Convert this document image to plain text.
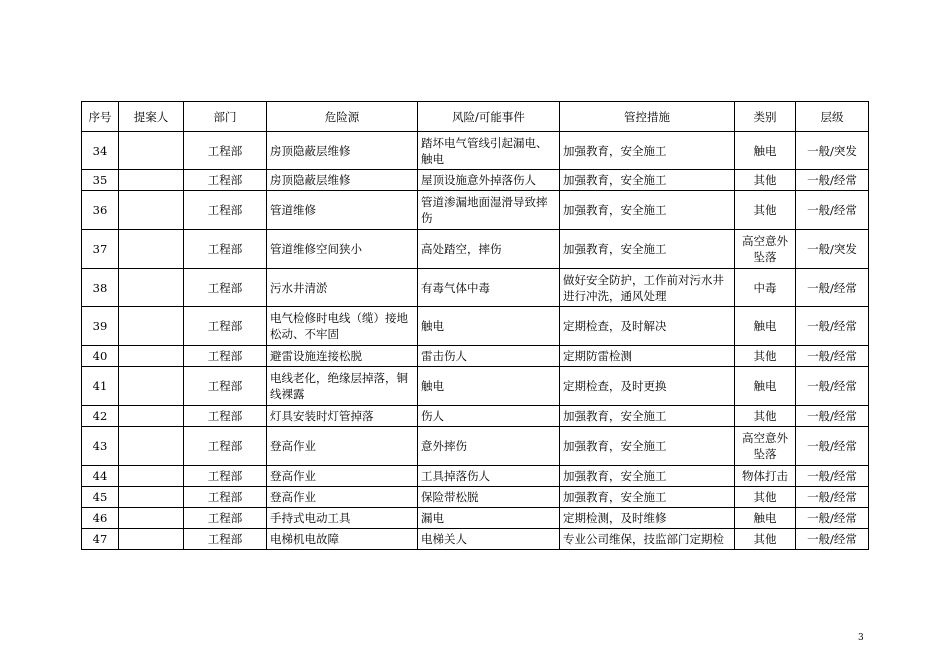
序号	提案人	部门	危险源	风险/可能事件	管控措施	类别	层级
34		工程部	房顶隐蔽层维修	踏坏电气管线引起漏电、触电	加强教育，安全施工	触电	一般/突发
35		工程部	房顶隐蔽层维修	屋顶设施意外掉落伤人	加强教育，安全施工	其他	一般/经常
36		工程部	管道维修	管道渗漏地面湿滑导致摔伤	加强教育，安全施工	其他	一般/经常
37		工程部	管道维修空间狭小	高处踏空，摔伤	加强教育，安全施工	高空意外坠落	一般/突发
38		工程部	污水井清淤	有毒气体中毒	做好安全防护，工作前对污水井进行冲洗，通风处理	中毒	一般/经常
39		工程部	电气检修时电线（缆）接地松动、不牢固	触电	定期检查，及时解决	触电	一般/经常
40		工程部	避雷设施连接松脱	雷击伤人	定期防雷检测	其他	一般/经常
41		工程部	电线老化，绝缘层掉落，铜线裸露	触电	定期检查，及时更换	触电	一般/经常
42		工程部	灯具安装时灯管掉落	伤人	加强教育，安全施工	其他	一般/经常
43		工程部	登高作业	意外摔伤	加强教育，安全施工	高空意外坠落	一般/经常
44		工程部	登高作业	工具掉落伤人	加强教育，安全施工	物体打击	一般/经常
45		工程部	登高作业	保险带松脱	加强教育，安全施工	其他	一般/经常
46		工程部	手持式电动工具	漏电	定期检测，及时维修	触电	一般/经常
47		工程部	电梯机电故障	电梯关人	专业公司维保，技监部门定期检	其他	一般/经常
3
